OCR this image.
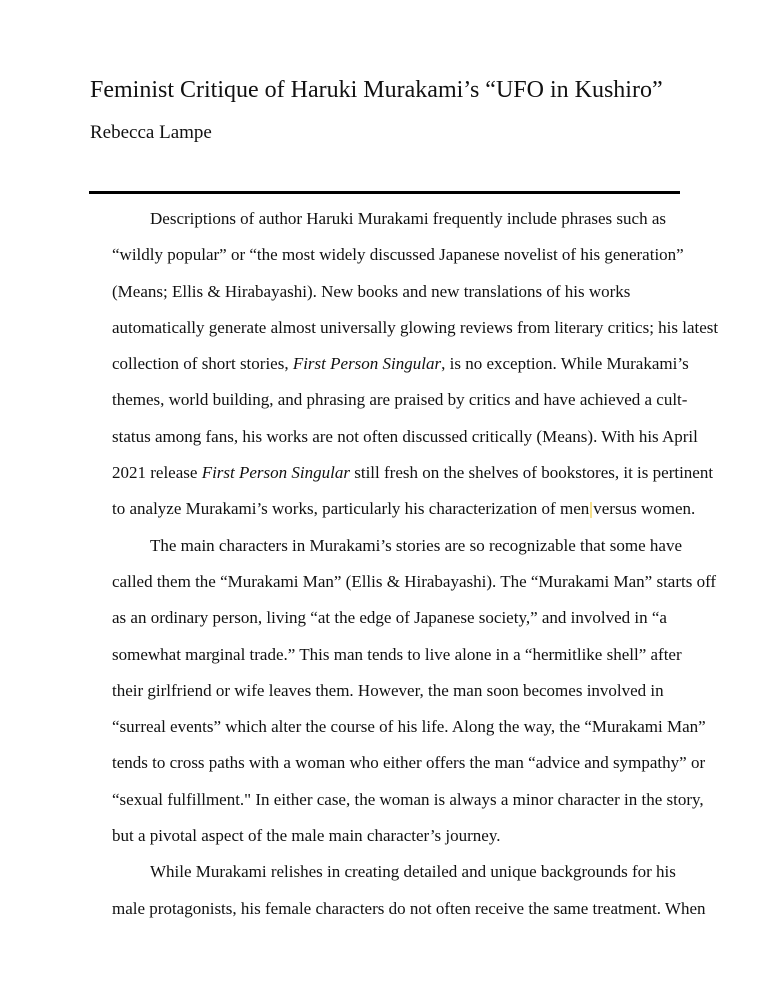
Feminist Critique of Haruki Murakami’s “UFO in Kushiro”
Rebecca Lampe
Descriptions of author Haruki Murakami frequently include phrases such as
“wildly popular” or “the most widely discussed Japanese novelist of his generation”
(Means; Ellis & Hirabayashi). New books and new translations of his works
automatically generate almost universally glowing reviews from literary critics; his latest
collection of short stories, First Person Singular, is no exception. While Murakami’s
themes, world building, and phrasing are praised by critics and have achieved a cult-
status among fans, his works are not often discussed critically (Means). With his April
2021 release First Person Singular still fresh on the shelves of bookstores, it is pertinent
to analyze Murakami’s works, particularly his characterization of men versus women.
The main characters in Murakami’s stories are so recognizable that some have
called them the “Murakami Man” (Ellis & Hirabayashi). The “Murakami Man” starts off
as an ordinary person, living “at the edge of Japanese society,” and involved in “a
somewhat marginal trade.” This man tends to live alone in a “hermitlike shell” after
their girlfriend or wife leaves them. However, the man soon becomes involved in
“surreal events” which alter the course of his life. Along the way, the “Murakami Man”
tends to cross paths with a woman who either offers the man “advice and sympathy” or
“sexual fulfillment." In either case, the woman is always a minor character in the story,
but a pivotal aspect of the male main character’s journey.
While Murakami relishes in creating detailed and unique backgrounds for his
male protagonists, his female characters do not often receive the same treatment. When
